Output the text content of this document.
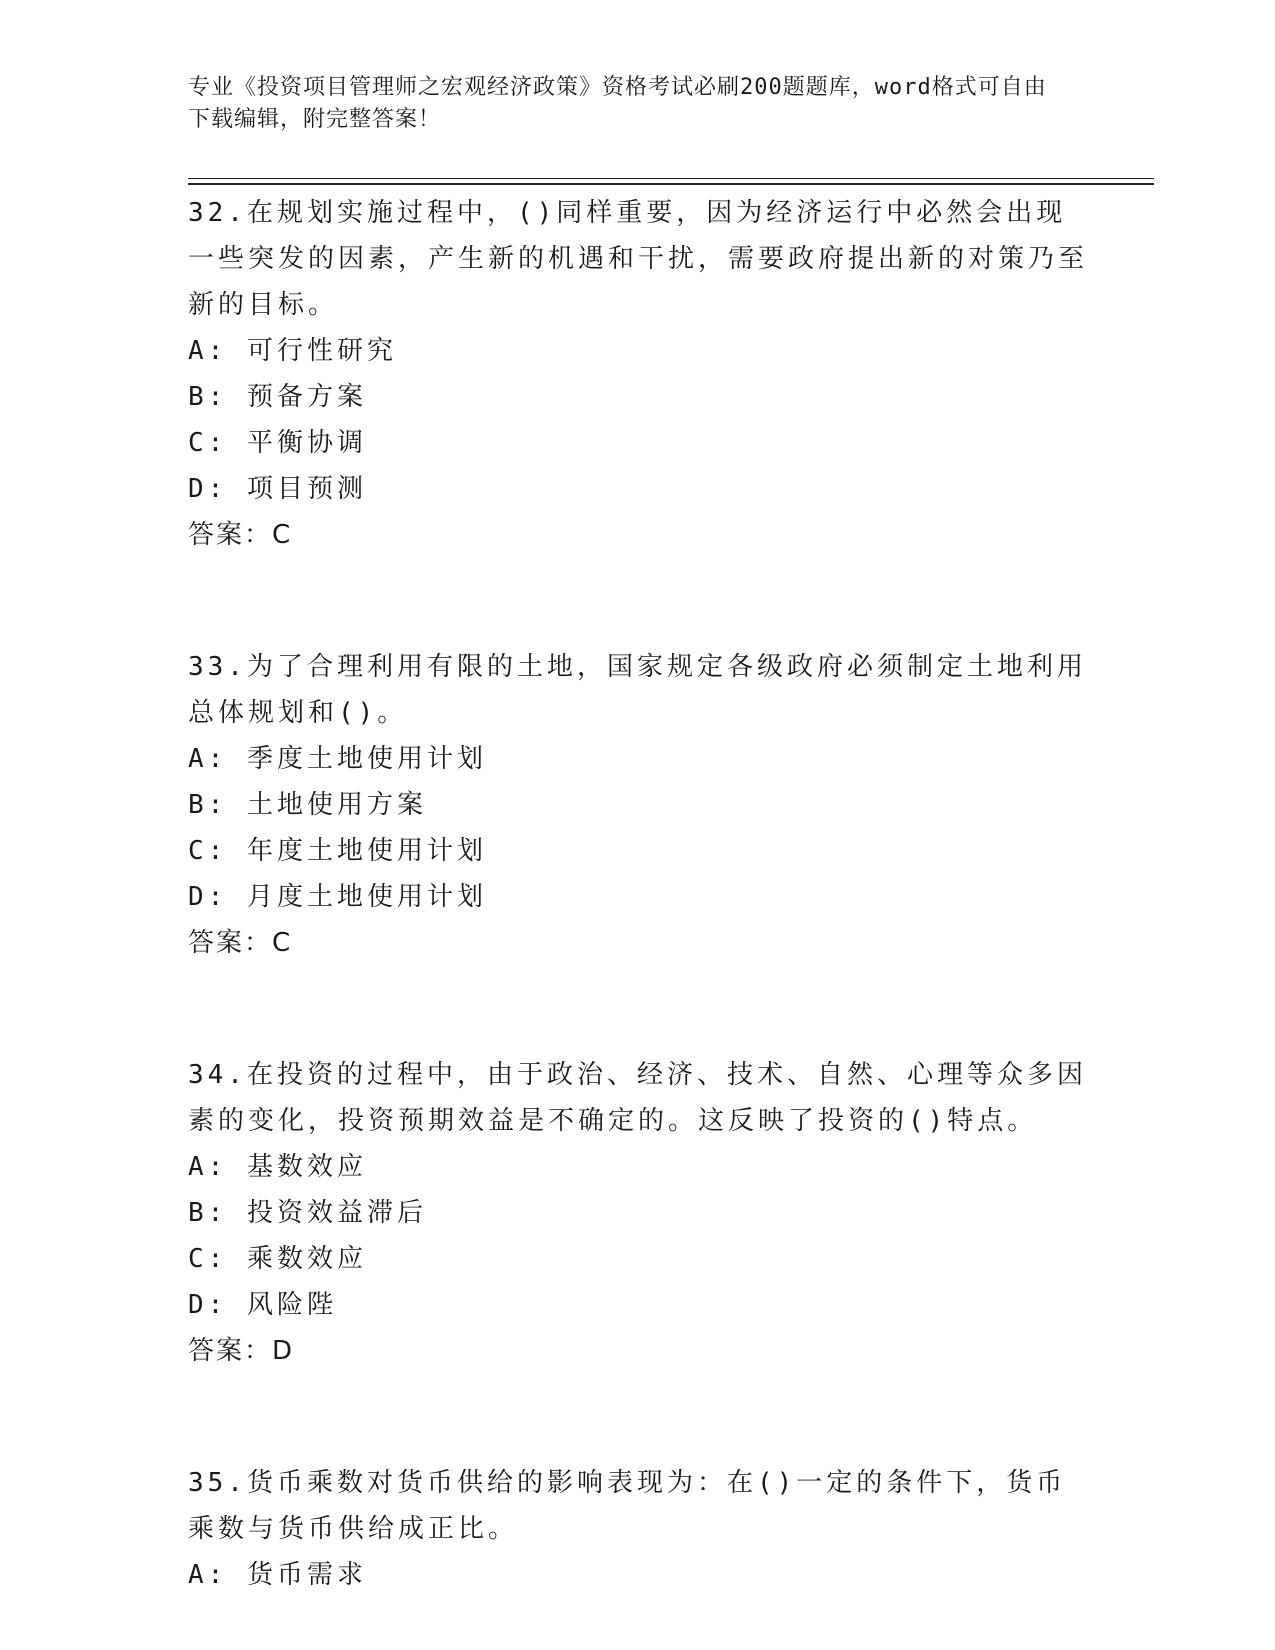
专业《投资项目管理师之宏观经济政策》资格考试必刷200题题库，word格式可自由下载编辑，附完整答案！

32.在规划实施过程中，()同样重要，因为经济运行中必然会出现一些突发的因素，产生新的机遇和干扰，需要政府提出新的对策乃至新的目标。

A: 可行性研究

B: 预备方案

C: 平衡协调

D: 项目预测

答案：C

33.为了合理利用有限的土地，国家规定各级政府必须制定土地利用总体规划和()。

A: 季度土地使用计划

B: 土地使用方案

C: 年度土地使用计划

D: 月度土地使用计划

答案：C

34.在投资的过程中，由于政治、经济、技术、自然、心理等众多因素的变化，投资预期效益是不确定的。这反映了投资的()特点。

A: 基数效应

B: 投资效益滞后

C: 乘数效应

D: 风险陛

答案：D

35.货币乘数对货币供给的影响表现为：在()一定的条件下，货币乘数与货币供给成正比。

A: 货币需求
